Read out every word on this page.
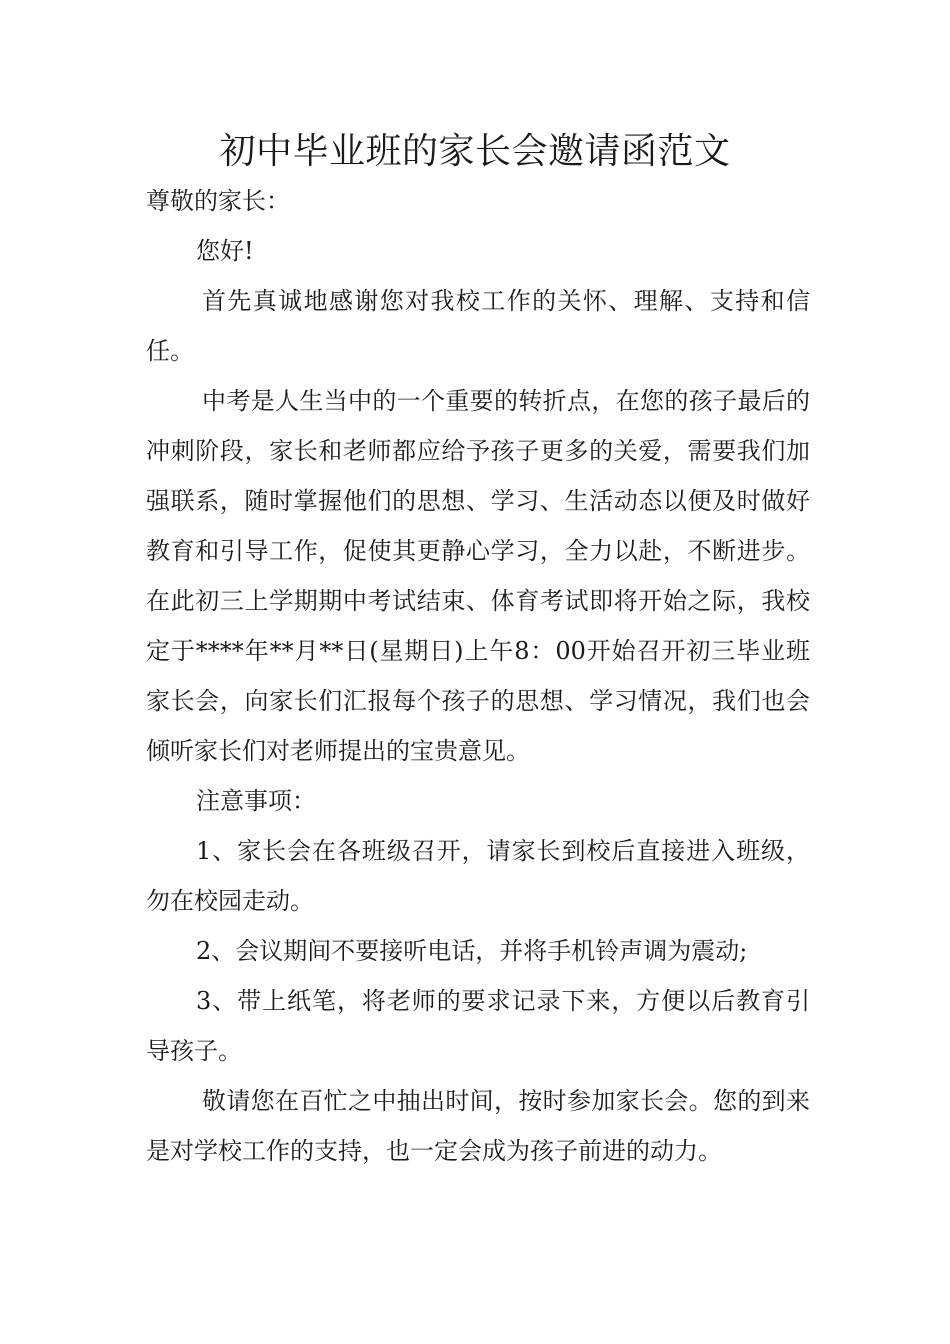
初中毕业班的家长会邀请函范文

尊敬的家长：

您好!

首先真诚地感谢您对我校工作的关怀、理解、支持和信任。

中考是人生当中的一个重要的转折点，在您的孩子最后的冲刺阶段，家长和老师都应给予孩子更多的关爱，需要我们加强联系，随时掌握他们的思想、学习、生活动态以便及时做好教育和引导工作，促使其更静心学习，全力以赴，不断进步。在此初三上学期期中考试结束、体育考试即将开始之际，我校定于****年**月**日(星期日)上午8：00开始召开初三毕业班家长会，向家长们汇报每个孩子的思想、学习情况，我们也会倾听家长们对老师提出的宝贵意见。

注意事项：

1、家长会在各班级召开，请家长到校后直接进入班级，勿在校园走动。

2、会议期间不要接听电话，并将手机铃声调为震动;

3、带上纸笔，将老师的要求记录下来，方便以后教育引导孩子。

敬请您在百忙之中抽出时间，按时参加家长会。您的到来是对学校工作的支持，也一定会成为孩子前进的动力。
